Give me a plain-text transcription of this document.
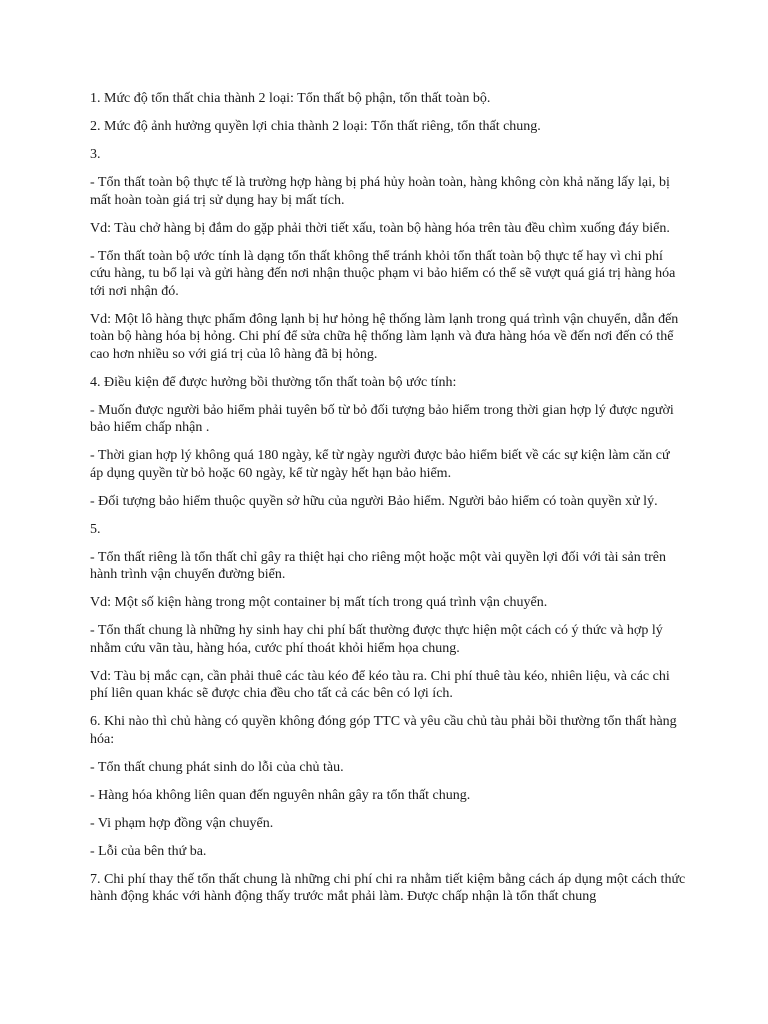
1. Mức độ tổn thất chia thành 2 loại: Tổn thất bộ phận, tổn thất toàn bộ.

2. Mức độ ảnh hưởng quyền lợi chia thành 2 loại: Tổn thất riêng, tổn thất chung.

3.

- Tổn thất toàn bộ thực tế là trường hợp hàng bị phá hủy hoàn toàn, hàng không còn khả năng lấy lại, bị mất hoàn toàn giá trị sử dụng hay bị mất tích.

Vd: Tàu chở hàng bị đắm do gặp phải thời tiết xấu, toàn bộ hàng hóa trên tàu đều chìm xuống đáy biển.

- Tổn thất toàn bộ ước tính là dạng tổn thất không thể tránh khỏi tổn thất toàn bộ thực tế hay vì chi phí cứu hàng, tu bổ lại và gửi hàng đến nơi nhận thuộc phạm vi bảo hiểm có thể sẽ vượt quá giá trị hàng hóa tới nơi nhận đó.

Vd: Một lô hàng thực phẩm đông lạnh bị hư hỏng hệ thống làm lạnh trong quá trình vận chuyển, dẫn đến toàn bộ hàng hóa bị hỏng. Chi phí để sửa chữa hệ thống làm lạnh và đưa hàng hóa về đến nơi đến có thể cao hơn nhiều so với giá trị của lô hàng đã bị hỏng.

4. Điều kiện để được hưởng bồi thường tổn thất toàn bộ ước tính:

- Muốn được người bảo hiểm phải tuyên bố từ bỏ đối tượng bảo hiểm trong thời gian hợp lý được người bảo hiểm chấp nhận .

- Thời gian hợp lý không quá 180 ngày, kể từ ngày người được bảo hiểm biết về các sự kiện làm căn cứ áp dụng quyền từ bỏ hoặc 60 ngày, kể từ ngày hết hạn bảo hiểm.

- Đối tượng bảo hiểm thuộc quyền sở hữu của người Bảo hiểm. Người bảo hiểm có toàn quyền xử lý.

5.

- Tổn thất riêng là tổn thất chỉ gây ra thiệt hại cho riêng một hoặc một vài quyền lợi đối với tài sản trên hành trình vận chuyển đường biển.

Vd: Một số kiện hàng trong một container bị mất tích trong quá trình vận chuyển.

- Tổn thất chung là những hy sinh hay chi phí bất thường được thực hiện một cách có ý thức và hợp lý nhằm cứu vãn tàu, hàng hóa, cước phí thoát khỏi hiểm họa chung.

Vd: Tàu bị mắc cạn, cần phải thuê các tàu kéo để kéo tàu ra. Chi phí thuê tàu kéo, nhiên liệu, và các chi phí liên quan khác sẽ được chia đều cho tất cả các bên có lợi ích.

6. Khi nào thì chủ hàng có quyền không đóng góp TTC và yêu cầu chủ tàu phải bồi thường tổn thất hàng hóa:

- Tổn thất chung phát sinh do lỗi của chủ tàu.

- Hàng hóa không liên quan đến nguyên nhân gây ra tổn thất chung.

- Vi phạm hợp đồng vận chuyển.

- Lỗi của bên thứ ba.

7. Chi phí thay thế tổn thất chung là những chi phí chi ra nhằm tiết kiệm bằng cách áp dụng một cách thức hành động khác với hành động thấy trước mắt phải làm. Được chấp nhận là tổn thất chung
